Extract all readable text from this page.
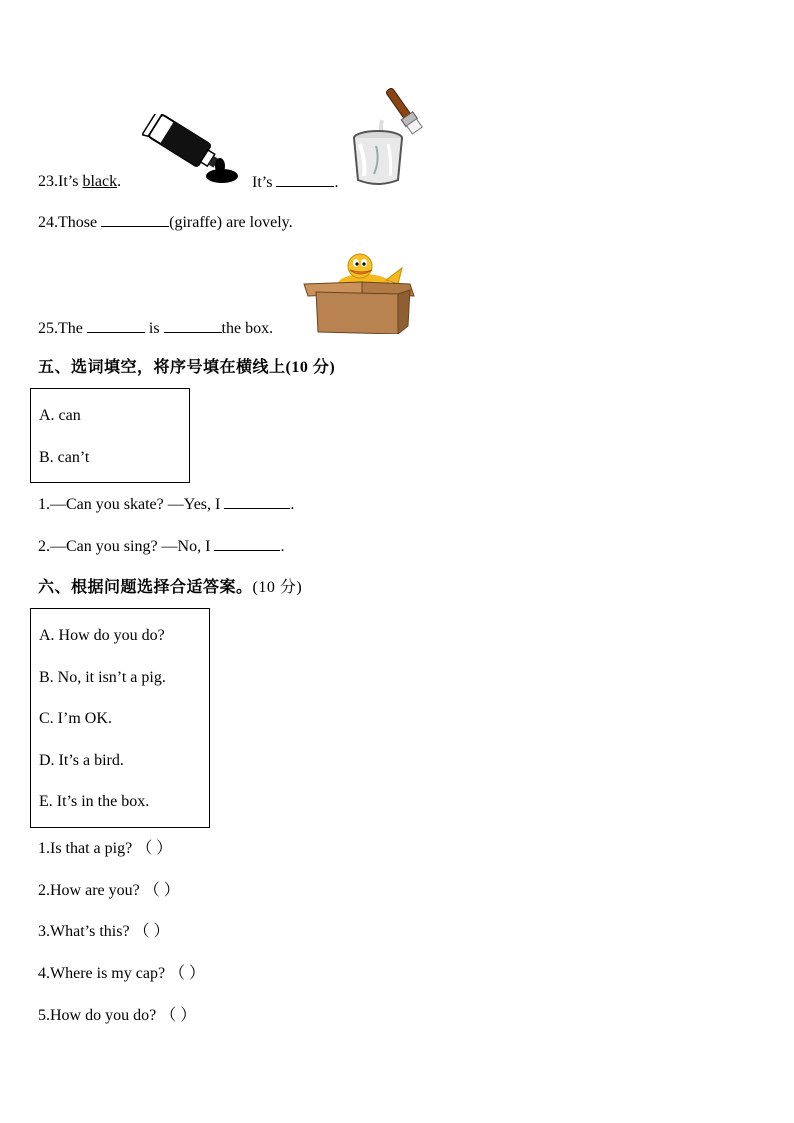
23.It’s black.	It’s	.
24.Those	(giraffe) are lovely.
25.The	is	the box.
五、选词填空，将序号填在横线上(10 分)
A. can
B. can’t
1.—Can you skate? —Yes, I	.
2.—Can you sing? —No, I	.
六、根据问题选择合适答案。(10 分)
A. How do you do?
B. No, it isn’t a pig.
C. I’m OK.
D. It’s a bird.
E. It’s in the box.
1.Is that a pig? （ ）
2.How are you? （ ）
3.What’s this? （ ）
4.Where is my cap? （ ）
5.How do you do? （ ）
